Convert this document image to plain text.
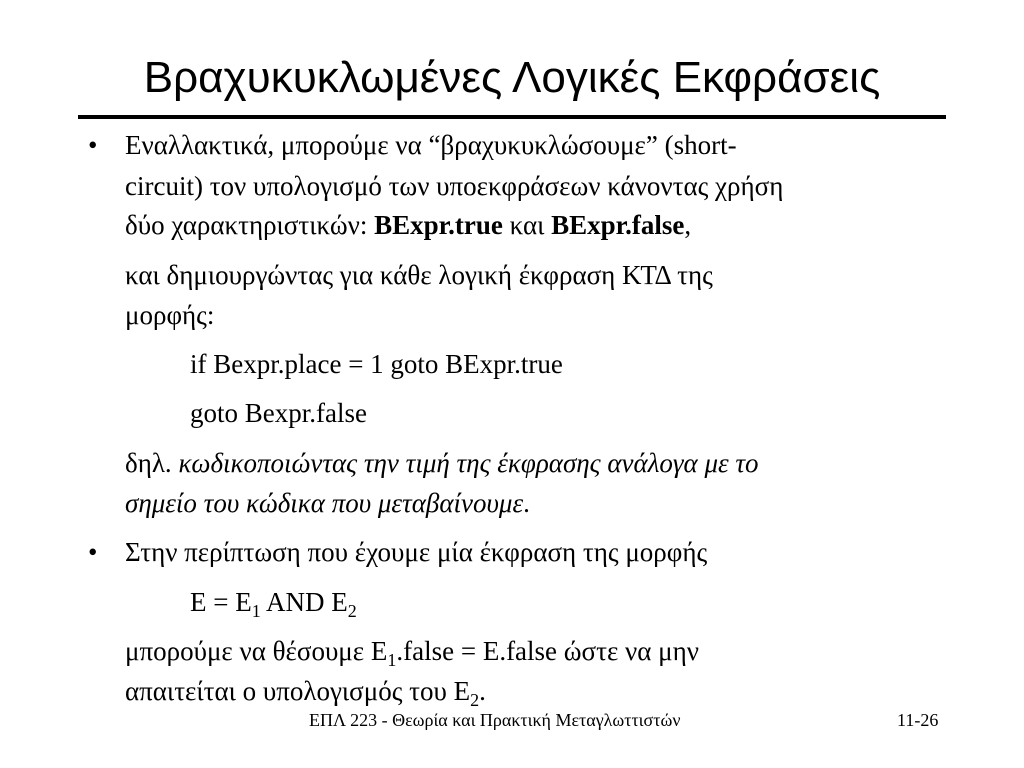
Βραχυκυκλωμένες Λογικές Εκφράσεις
• Εναλλακτικά, μπορούμε να “βραχυκυκλώσουμε” (short-
circuit) τον υπολογισμό των υποεκφράσεων κάνοντας χρήση
δύο χαρακτηριστικών: BExpr.true και BExpr.false,
και δημιουργώντας για κάθε λογική έκφραση ΚΤΔ της
μορφής:
if Bexpr.place = 1 goto BExpr.true
goto Bexpr.false
δηλ. κωδικοποιώντας την τιμή της έκφρασης ανάλογα με το
σημείο του κώδικα που μεταβαίνουμε.
• Στην περίπτωση που έχουμε μία έκφραση της μορφής
$E = E_1$ AND $E_2$
μπορούμε να θέσουμε $E_1.false$ = E.false ώστε να μην
απαιτείται ο υπολογισμός του $E_2$.
ΕΠΛ 223 - Θεωρία και Πρακτική Μεταγλωττιστών	11-26
